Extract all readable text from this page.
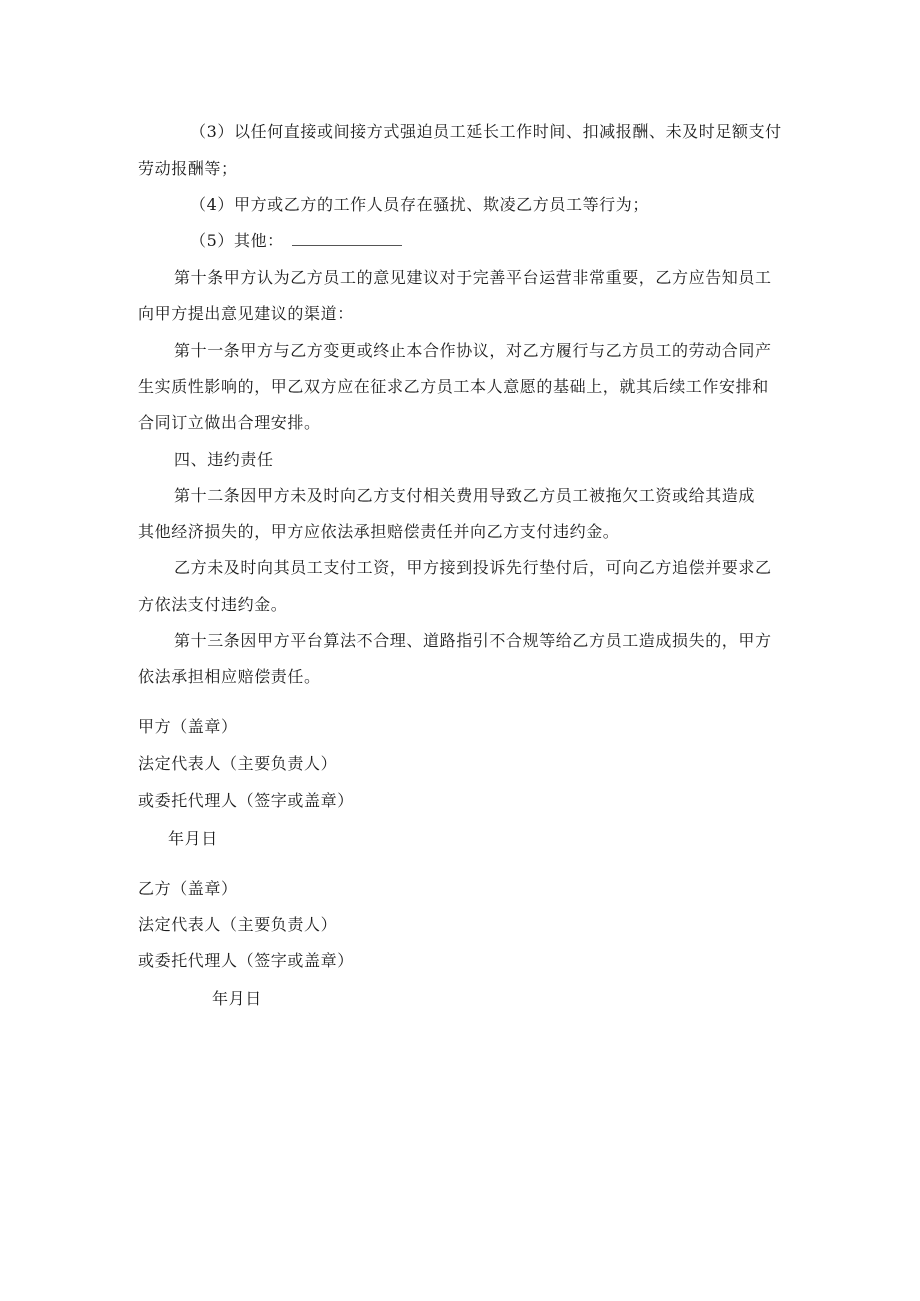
（3）以任何直接或间接方式强迫员工延长工作时间、扣减报酬、未及时足额支付
劳动报酬等；
（4）甲方或乙方的工作人员存在骚扰、欺凌乙方员工等行为；
（5）其他：
第十条甲方认为乙方员工的意见建议对于完善平台运营非常重要，乙方应告知员工
向甲方提出意见建议的渠道：
第十一条甲方与乙方变更或终止本合作协议，对乙方履行与乙方员工的劳动合同产
生实质性影响的，甲乙双方应在征求乙方员工本人意愿的基础上，就其后续工作安排和
合同订立做出合理安排。
四、违约责任
第十二条因甲方未及时向乙方支付相关费用导致乙方员工被拖欠工资或给其造成
其他经济损失的，甲方应依法承担赔偿责任并向乙方支付违约金。
乙方未及时向其员工支付工资，甲方接到投诉先行垫付后，可向乙方追偿并要求乙
方依法支付违约金。
第十三条因甲方平台算法不合理、道路指引不合规等给乙方员工造成损失的，甲方
依法承担相应赔偿责任。
甲方（盖章）
法定代表人（主要负责人）
或委托代理人（签字或盖章）
年月日
乙方（盖章）
法定代表人（主要负责人）
或委托代理人（签字或盖章）
年月日
